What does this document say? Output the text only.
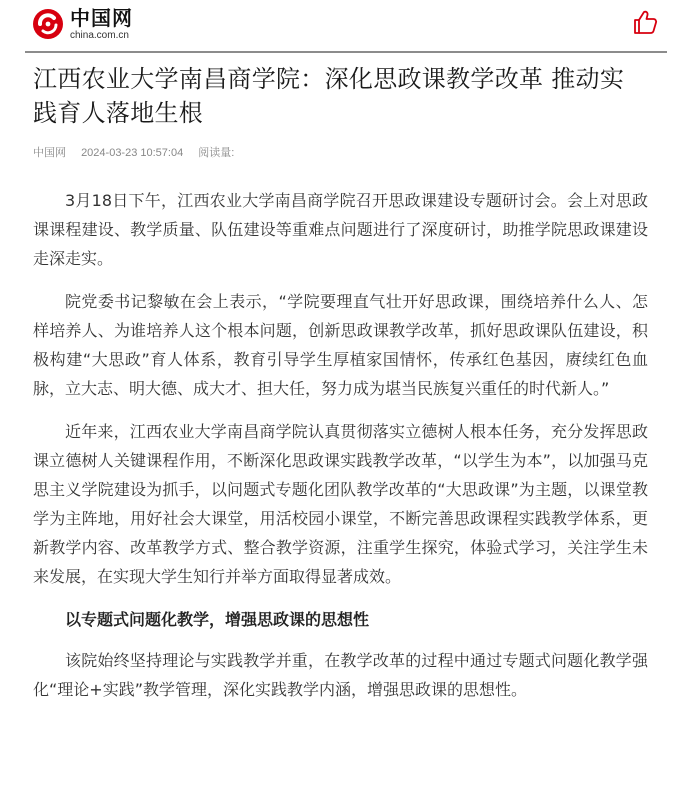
中国网
china.com.cn
江西农业大学南昌商学院：深化思政课教学改革 推动实践育人落地生根
中国网 2024-03-23 10:57:04 阅读量:

3月18日下午，江西农业大学南昌商学院召开思政课建设专题研讨会。会上对思政课课程建设、教学质量、队伍建设等重难点问题进行了深度研讨，助推学院思政课建设走深走实。

院党委书记黎敏在会上表示，“学院要理直气壮开好思政课，围绕培养什么人、怎样培养人、为谁培养人这个根本问题，创新思政课教学改革，抓好思政课队伍建设，积极构建“大思政”育人体系，教育引导学生厚植家国情怀，传承红色基因，赓续红色血脉，立大志、明大德、成大才、担大任，努力成为堪当民族复兴重任的时代新人。”

近年来，江西农业大学南昌商学院认真贯彻落实立德树人根本任务，充分发挥思政课立德树人关键课程作用，不断深化思政课实践教学改革，“以学生为本”，以加强马克思主义学院建设为抓手，以问题式专题化团队教学改革的“大思政课”为主题，以课堂教学为主阵地，用好社会大课堂，用活校园小课堂，不断完善思政课程实践教学体系，更新教学内容、改革教学方式、整合教学资源，注重学生探究，体验式学习，关注学生未来发展，在实现大学生知行并举方面取得显著成效。

以专题式问题化教学，增强思政课的思想性

该院始终坚持理论与实践教学并重，在教学改革的过程中通过专题式问题化教学强化“理论+实践”教学管理，深化实践教学内涵，增强思政课的思想性。
